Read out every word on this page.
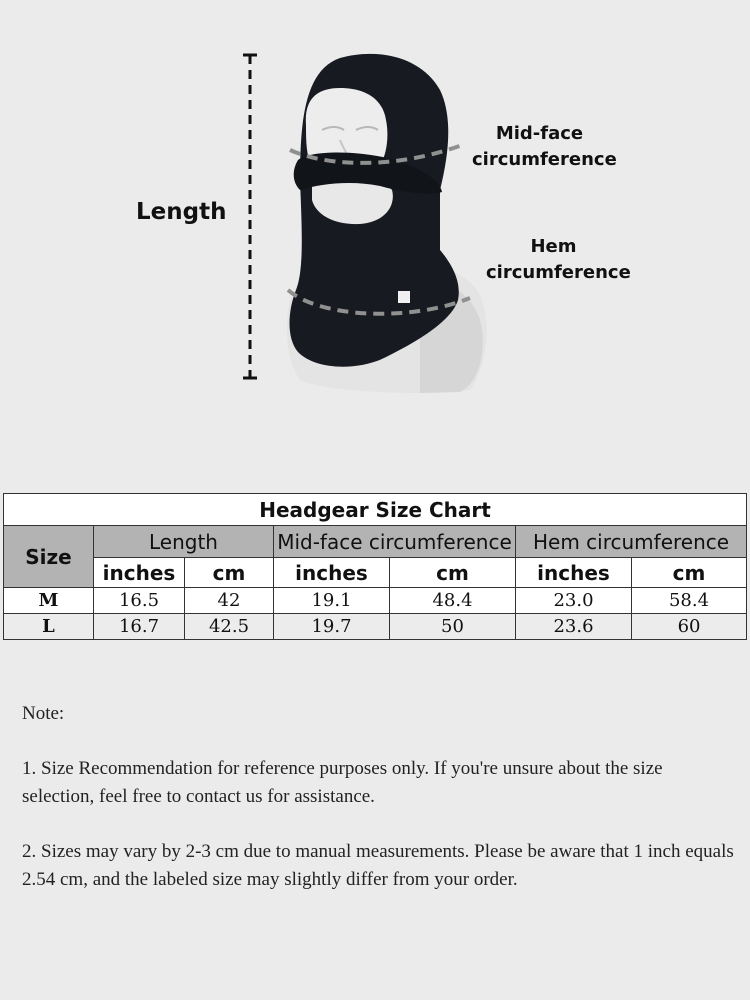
Length
Mid-face
circumference
Hem
circumference
Headgear Size Chart						
Size	Length		Mid-face circumference		Hem circumference	
	inches	cm	inches	cm	inches	cm
M	16.5	42	19.1	48.4	23.0	58.4
L	16.7	42.5	19.7	50	23.6	60

Note:

1. Size Recommendation for reference purposes only. If you're unsure about the size selection, feel free to contact us for assistance.

2. Sizes may vary by 2-3 cm due to manual measurements. Please be aware that 1 inch equals 2.54 cm, and the labeled size may slightly differ from your order.
